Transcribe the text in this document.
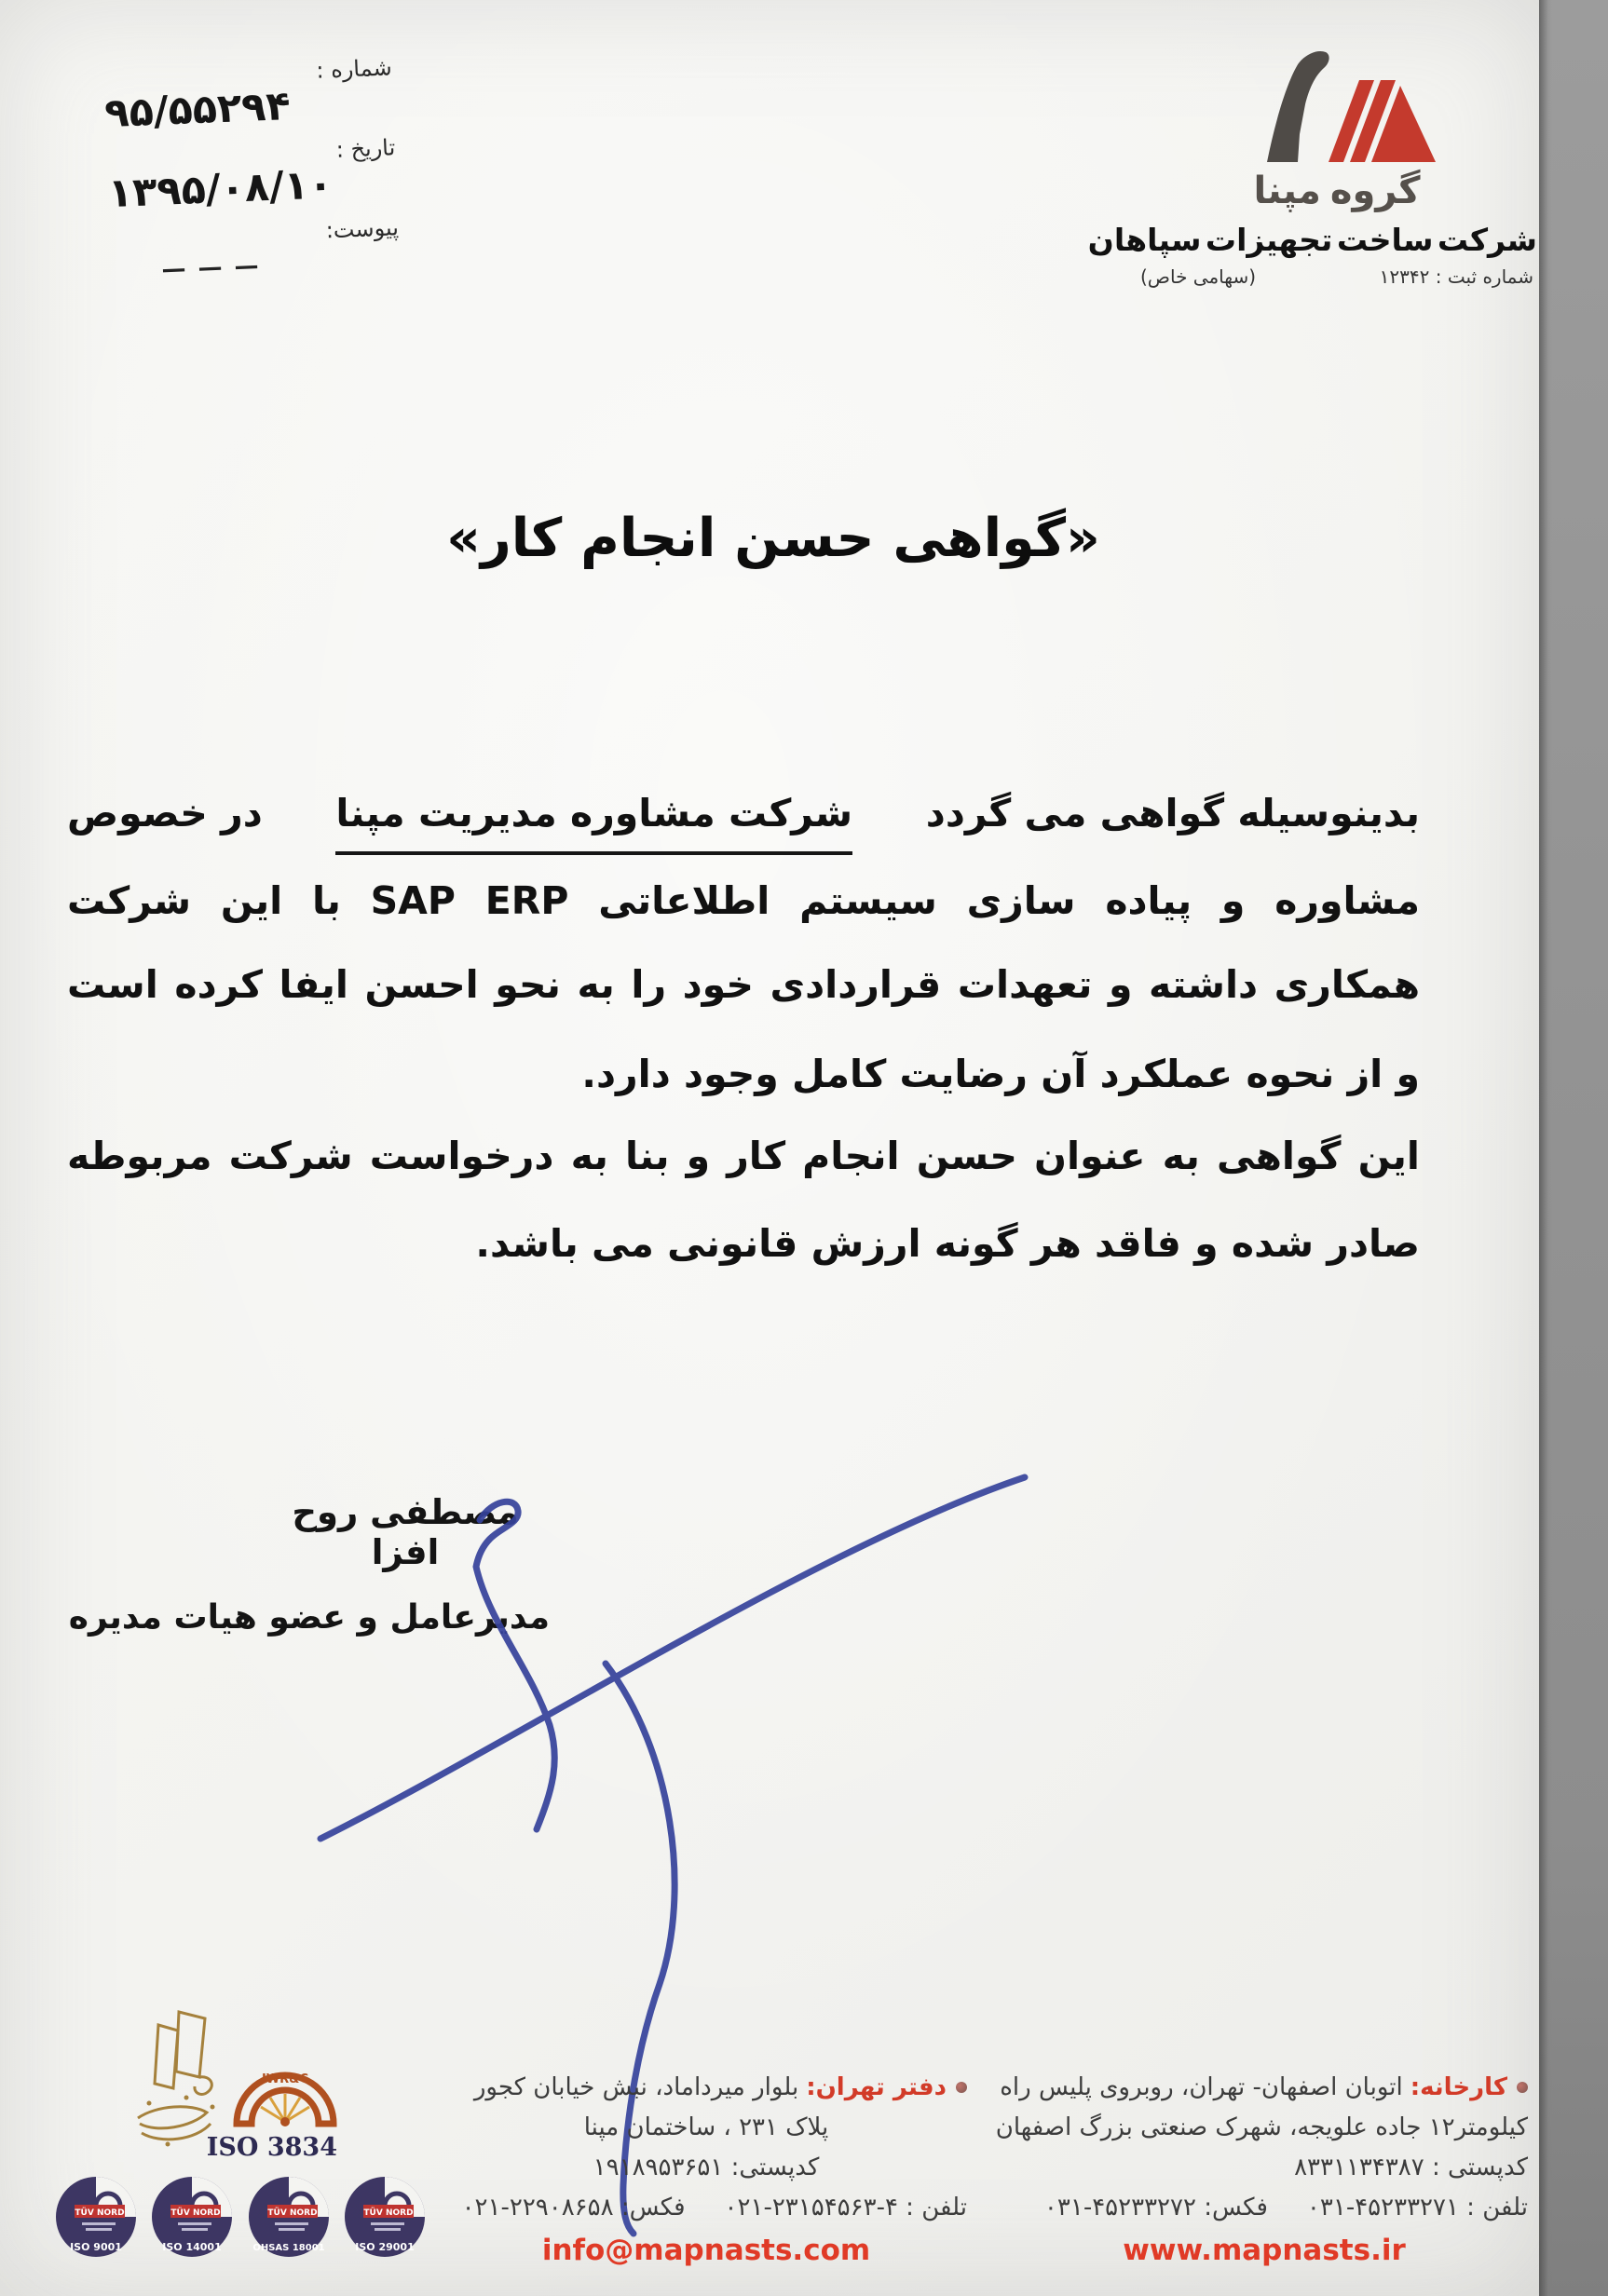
شماره :
۹۵/۵۵۲۹۴
تاریخ :
۱۳۹۵/۰۸/۱۰
پیوست:
— — —
گروه مپنا
شرکت ساخت تجهیزات سپاهان
شماره ثبت : ۱۲۳۴۲
(سهامی خاص)
«گواهی حسن انجام کار»
بدینوسیله گواهی می گردد
شرکت مشاوره مدیریت مپنا
در خصوص
مشاوره و پیاده سازی سیستم اطلاعاتی SAP ERP با این شرکت
همکاری داشته و تعهدات قراردادی خود را به نحو احسن ایفا کرده است
و از نحوه عملکرد آن رضایت کامل وجود دارد.
این گواهی به عنوان حسن انجام کار و بنا به درخواست شرکت مربوطه
صادر شده و فاقد هر گونه ارزش قانونی می باشد.
مصطفی روح افزا
مدیرعامل و عضو هیات مدیره
IWR&C
ISO 3834
TÜV NORD
ISO 9001
TÜV NORD
ISO 14001
TÜV NORD
OHSAS 18001
TÜV NORD
ISO 29001
کارخانه:اتوبان اصفهان- تهران، روبروی پلیس راه
کیلومتر۱۲ جاده علویجه، شهرک صنعتی بزرگ اصفهان
کدپستی : ۸۳۳۱۱۳۴۳۸۷
تلفن : ۴۵۲۳۳۲۷۱-۰۳۱فکس: ۴۵۲۳۳۲۷۲-۰۳۱
www.mapnasts.ir
دفتر تهران:بلوار میرداماد، نبش خیابان کجور
پلاک ۲۳۱ ، ساختمان مپنا
کدپستی: ۱۹۱۸۹۵۳۶۵۱
تلفن : ۴-۲۳۱۵۴۵۶۳-۰۲۱فکس: ۲۲۹۰۸۶۵۸-۰۲۱
info@mapnasts.com
